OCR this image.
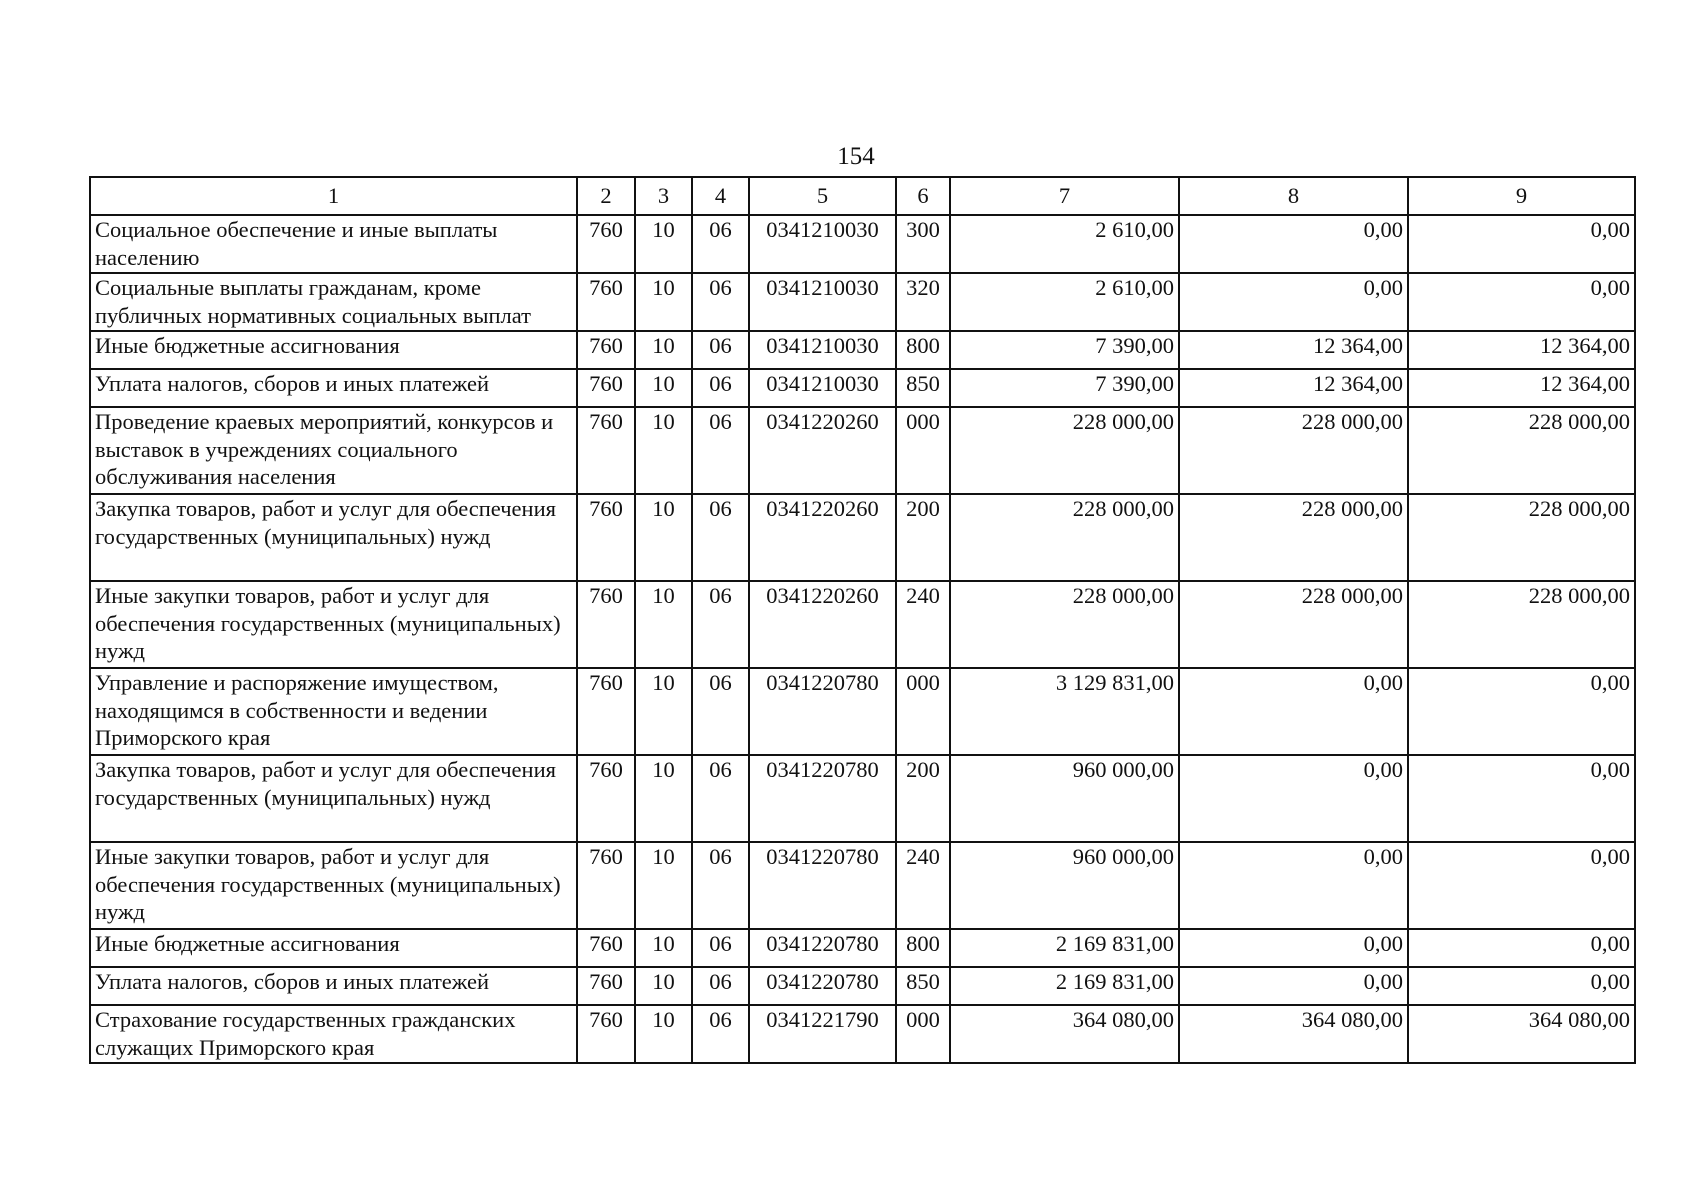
154
1	2	3	4	5	6	7	8	9
Социальное обеспечение и иные выплаты населению	760	10	06	0341210030	300	2 610,00	0,00	0,00
Социальные выплаты гражданам, кроме публичных нормативных социальных выплат	760	10	06	0341210030	320	2 610,00	0,00	0,00
Иные бюджетные ассигнования	760	10	06	0341210030	800	7 390,00	12 364,00	12 364,00
Уплата налогов, сборов и иных платежей	760	10	06	0341210030	850	7 390,00	12 364,00	12 364,00
Проведение краевых мероприятий, конкурсов и выставок в учреждениях социального обслуживания населения	760	10	06	0341220260	000	228 000,00	228 000,00	228 000,00
Закупка товаров, работ и услуг для обеспечения государственных (муниципальных) нужд	760	10	06	0341220260	200	228 000,00	228 000,00	228 000,00
Иные закупки товаров, работ и услуг для обеспечения государственных (муниципальных) нужд	760	10	06	0341220260	240	228 000,00	228 000,00	228 000,00
Управление и распоряжение имуществом, находящимся в собственности и ведении Приморского края	760	10	06	0341220780	000	3 129 831,00	0,00	0,00
Закупка товаров, работ и услуг для обеспечения государственных (муниципальных) нужд	760	10	06	0341220780	200	960 000,00	0,00	0,00
Иные закупки товаров, работ и услуг для обеспечения государственных (муниципальных) нужд	760	10	06	0341220780	240	960 000,00	0,00	0,00
Иные бюджетные ассигнования	760	10	06	0341220780	800	2 169 831,00	0,00	0,00
Уплата налогов, сборов и иных платежей	760	10	06	0341220780	850	2 169 831,00	0,00	0,00
Страхование государственных гражданских служащих Приморского края	760	10	06	0341221790	000	364 080,00	364 080,00	364 080,00
